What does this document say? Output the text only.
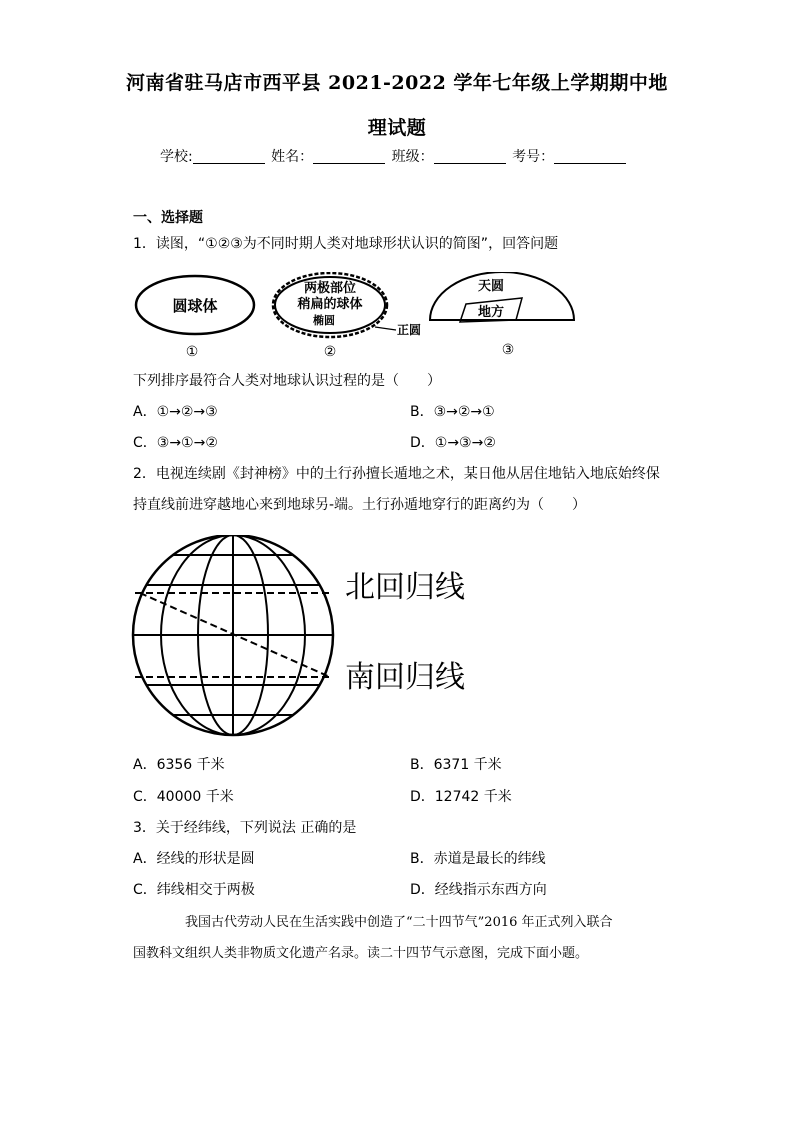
河南省驻马店市西平县 2021-2022 学年七年级上学期期中地
理试题
学校:	姓名：	班级：	考号：
一、选择题
1．读图，“①②③为不同时期人类对地球形状认识的简图”，回答问题
圆球体
①
两极部位
稍扁的球体
椭圆
正圆
②
天圆
地方
③
下列排序最符合人类对地球认识过程的是（　　）
A．①→②→③	B．③→②→①
C．③→①→②	D．①→③→②
2．电视连续剧《封神榜》中的土行孙擅长遁地之术，某日他从居住地钻入地底始终保
持直线前进穿越地心来到地球另-端。土行孙遁地穿行的距离约为（　　）
北回归线
南回归线
A．6356 千米	B．6371 千米
C．40000 千米	D．12742 千米
3．关于经纬线，下列说法 正确的是
A．经线的形状是圆	B．赤道是最长的纬线
C．纬线相交于两极	D．经线指示东西方向
我国古代劳动人民在生活实践中创造了“二十四节气”2016 年正式列入联合
国教科文组织人类非物质文化遗产名录。读二十四节气示意图，完成下面小题。
